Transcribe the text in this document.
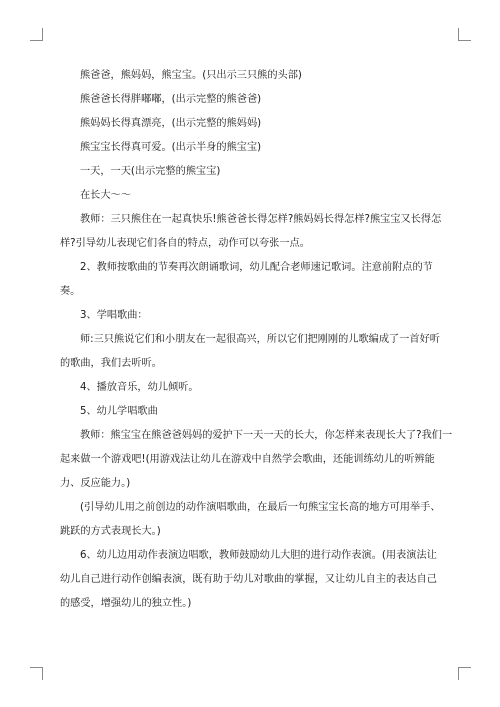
熊爸爸，熊妈妈，熊宝宝。(只出示三只熊的头部)

熊爸爸长得胖嘟嘟，(出示完整的熊爸爸)

熊妈妈长得真漂亮，(出示完整的熊妈妈)

熊宝宝长得真可爱。(出示半身的熊宝宝)

一天，一天(出示完整的熊宝宝)

在长大～～

教师：三只熊住在一起真快乐!熊爸爸长得怎样?熊妈妈长得怎样?熊宝宝又长得怎

样?引导幼儿表现它们各自的特点，动作可以夸张一点。

2、教师按歌曲的节奏再次朗诵歌词，幼儿配合老师速记歌词。注意前附点的节

奏。

3、学唱歌曲：

师:三只熊说它们和小朋友在一起很高兴，所以它们把刚刚的儿歌编成了一首好听

的歌曲，我们去听听。

4、播放音乐，幼儿倾听。

5、幼儿学唱歌曲

教师：熊宝宝在熊爸爸妈妈的爱护下一天一天的长大，你怎样来表现长大了?我们一

起来做一个游戏吧!(用游戏法让幼儿在游戏中自然学会歌曲，还能训练幼儿的听辨能

力、反应能力。)

(引导幼儿用之前创边的动作演唱歌曲，在最后一句熊宝宝长高的地方可用举手、

跳跃的方式表现长大。)

6、幼儿边用动作表演边唱歌，教师鼓励幼儿大胆的进行动作表演。(用表演法让

幼儿自己进行动作创编表演，既有助于幼儿对歌曲的掌握，又让幼儿自主的表达自己

的感受，增强幼儿的独立性。)
